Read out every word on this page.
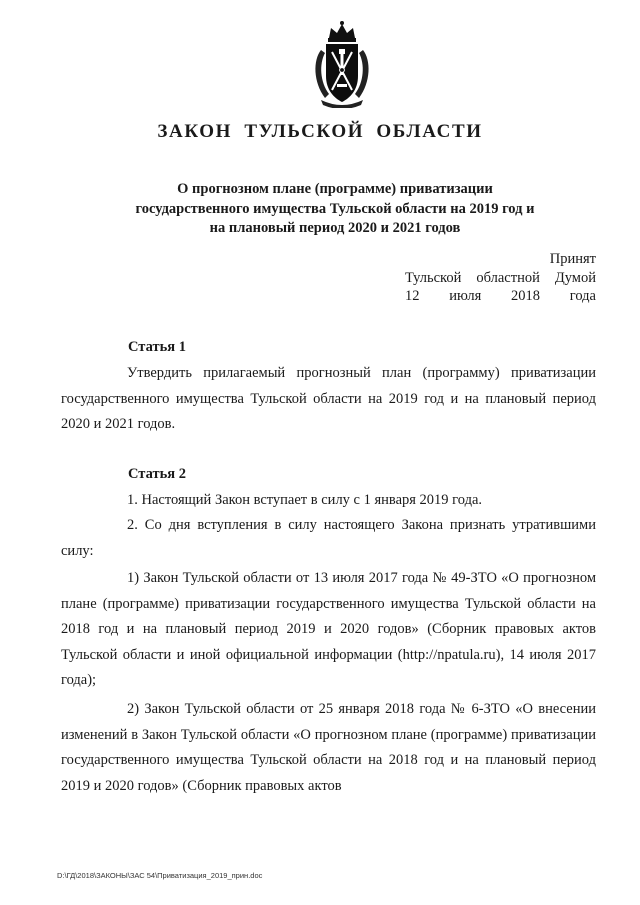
ЗАКОН ТУЛЬСКОЙ ОБЛАСТИ
О прогнозном плане (программе) приватизации
государственного имущества Тульской области на 2019 год и
на плановый период 2020 и 2021 годов
Принят
Тульской областной Думой
12 июля 2018 года
Статья 1

Утвердить прилагаемый прогнозный план (программу) приватизации государственного имущества Тульской области на 2019 год и на плановый период 2020 и 2021 годов.

Статья 2

1. Настоящий Закон вступает в силу с 1 января 2019 года.

2. Со дня вступления в силу настоящего Закона признать утратившими силу:

1) Закон Тульской области от 13 июля 2017 года № 49-ЗТО «О прогнозном плане (программе) приватизации государственного имущества Тульской области на 2018 год и на плановый период 2019 и 2020 годов» (Сборник правовых актов Тульской области и иной официальной информации (http://npatula.ru), 14 июля 2017 года);

2) Закон Тульской области от 25 января 2018 года № 6-ЗТО «О внесении изменений в Закон Тульской области «О прогнозном плане (программе) приватизации государственного имущества Тульской области на 2018 год и на плановый период 2019 и 2020 годов» (Сборник правовых актов

D:\ГД\2018\ЗАКОНЫ\ЗАС 54\Приватизация_2019_прин.doc
